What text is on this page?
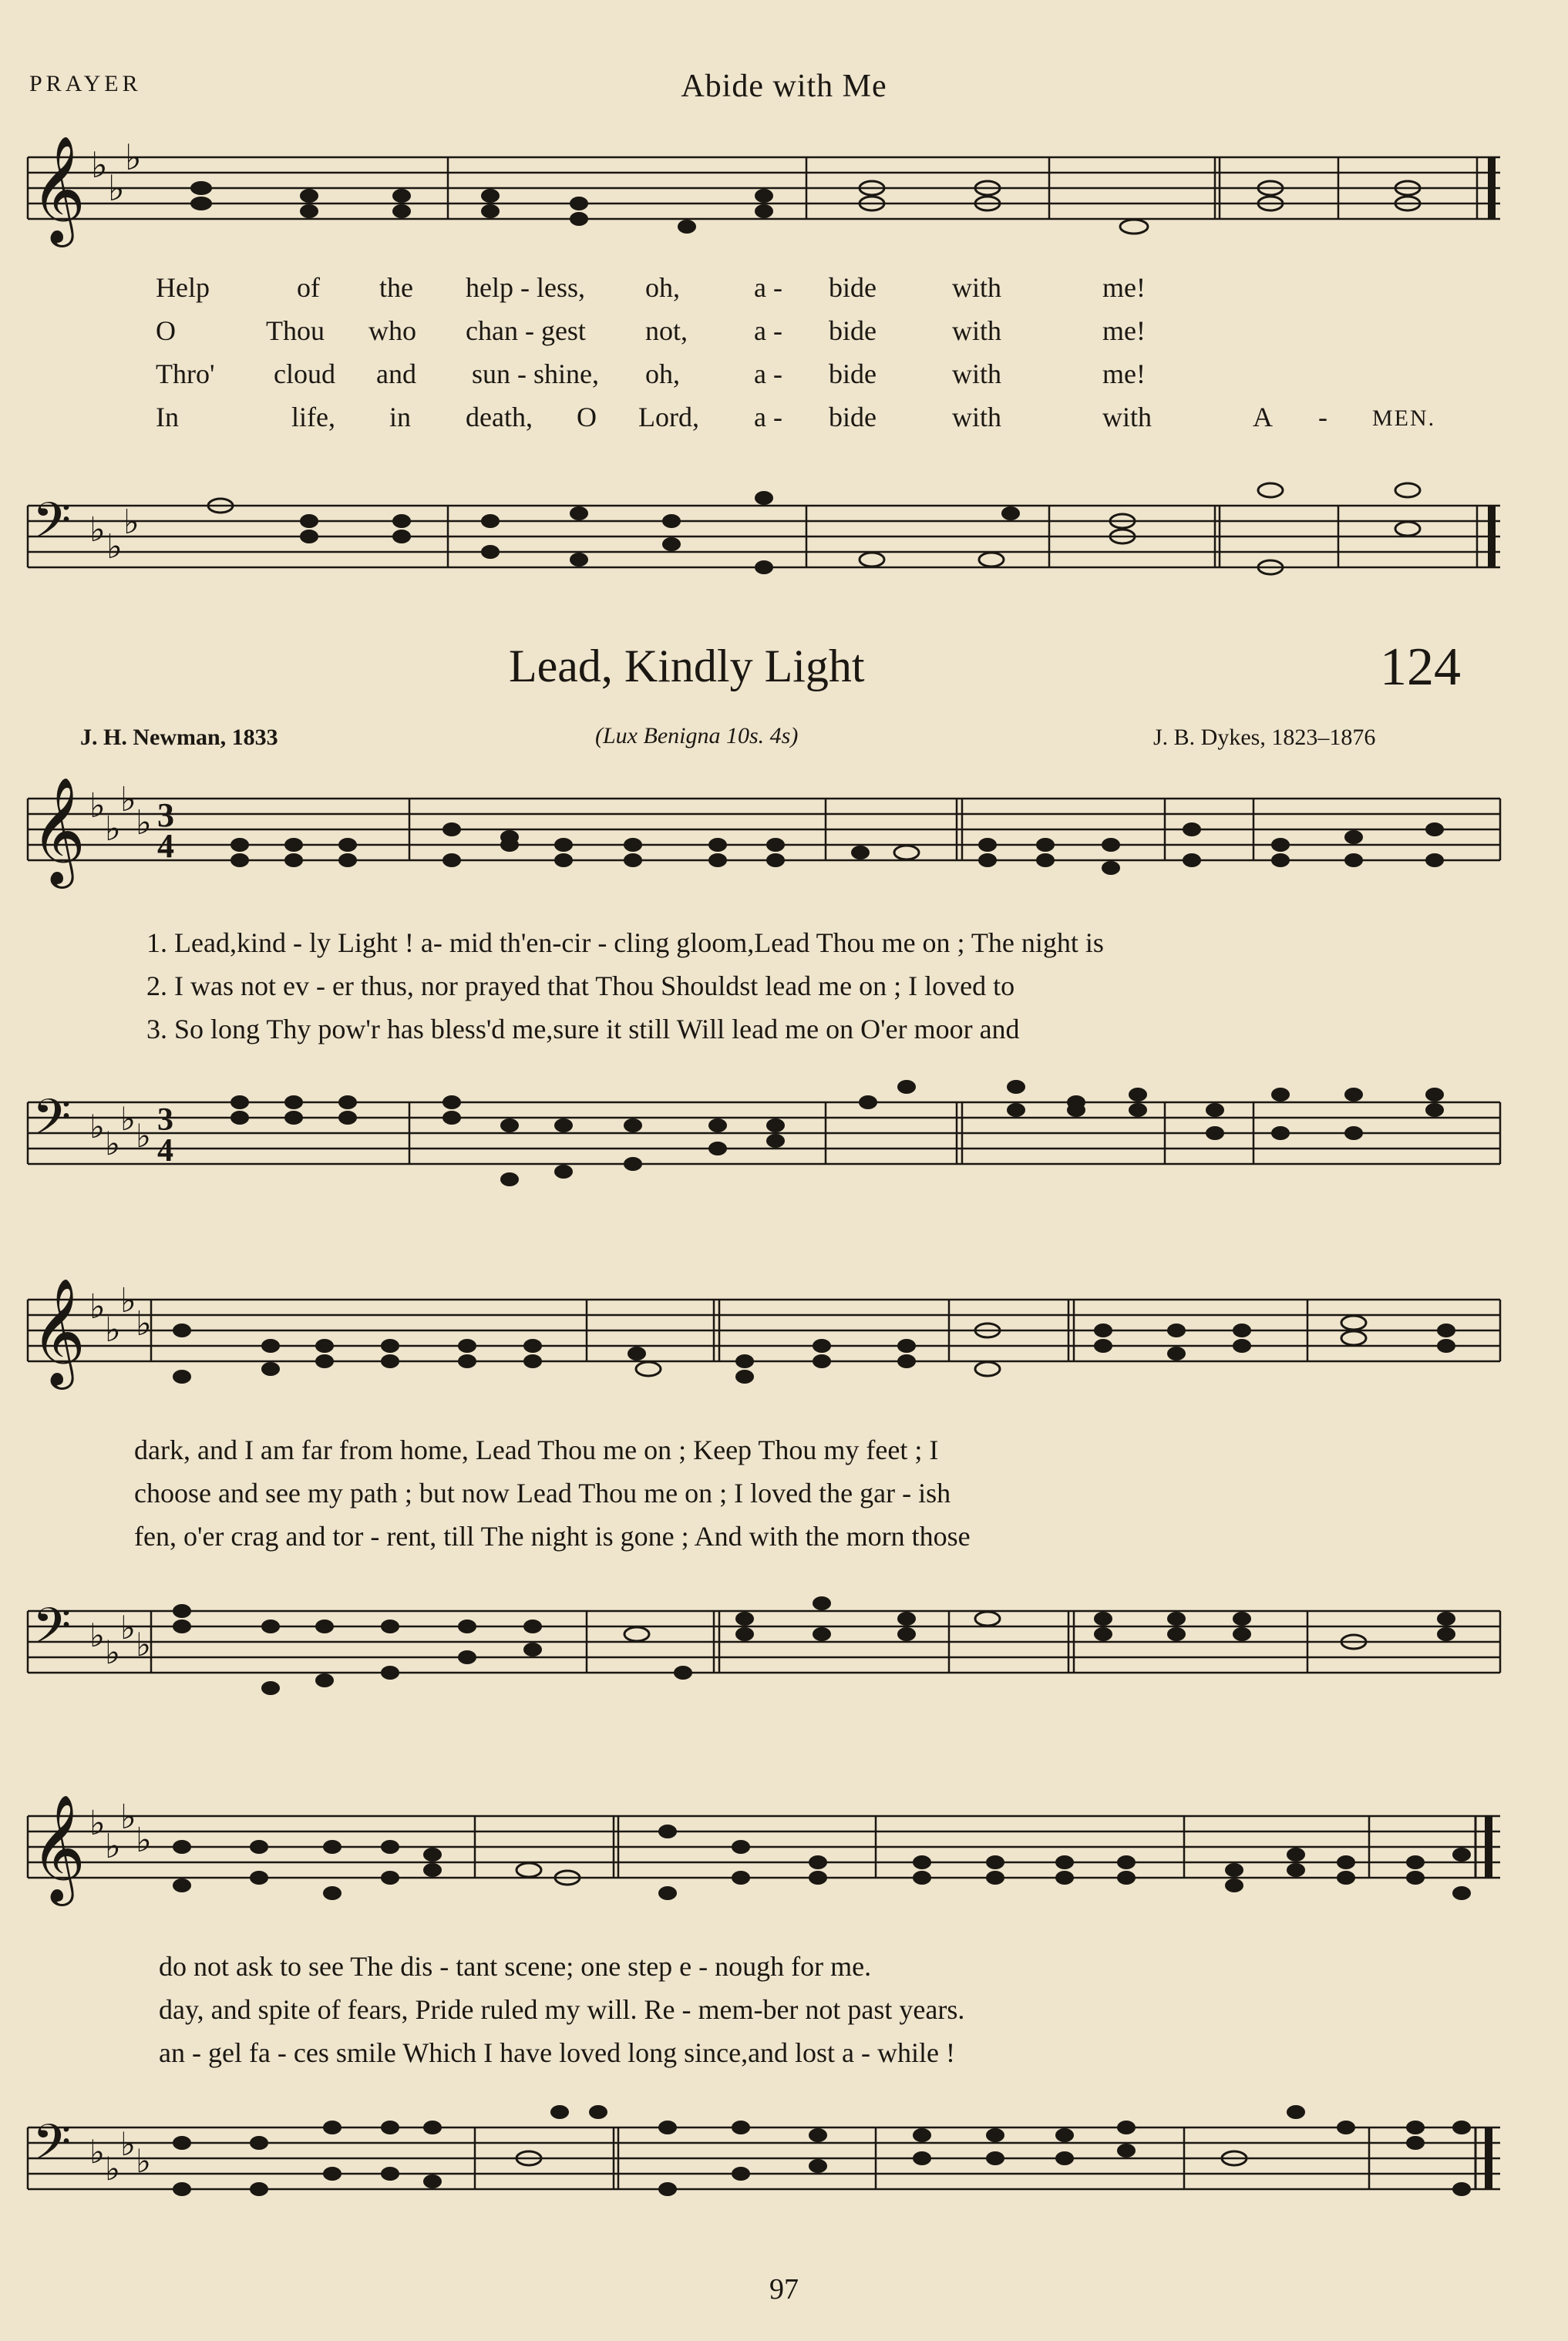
PRAYER	Abide with Me
𝄞 ♭
♭
♭
Help	of the help - less, oh,	a - bide	with	me!
O	Thou who chan - gest not, a - bide	with	me!
Thro' cloud and sun - shine, oh,	a - bide	with	me!
In	life, in death, O Lord, a - bide	with	with	A - MEN.
𝄢 ♭ ♭
♭
Lead, Kindly Light	124
J. H. Newman, 1833	(Lux Benigna 10s. 4s)	J. B. Dykes, 1823–1876
𝄞 ♭
♭
♭
♭ 3
4
1. Lead,kind - ly Light ! a- mid th'en-cir - cling gloom,Lead Thou me on ; The night is
2. I was not ev - er thus, nor prayed that Thou Shouldst lead me on ; I loved to
3. So long Thy pow'r has bless'd me,sure it still Will lead me on O'er moor and
𝄢 ♭ ♭
♭ ♭ 3
4
𝄞 ♭
♭
♭
♭
dark, and I am far from home, Lead Thou me on ; Keep Thou my feet ; I
choose and see my path ; but now Lead Thou me on ; I loved the gar - ish
fen, o'er crag and tor - rent, till The night is gone ; And with the morn those
𝄢 ♭ ♭
♭ ♭
𝄞 ♭
♭
♭
♭
do not ask to see The dis - tant scene; one step e - nough for me.
day, and spite of fears, Pride ruled my will. Re - mem-ber not past years.
an - gel fa - ces smile Which I have loved long since,and lost a - while !
𝄢 ♭ ♭
♭ ♭
97
